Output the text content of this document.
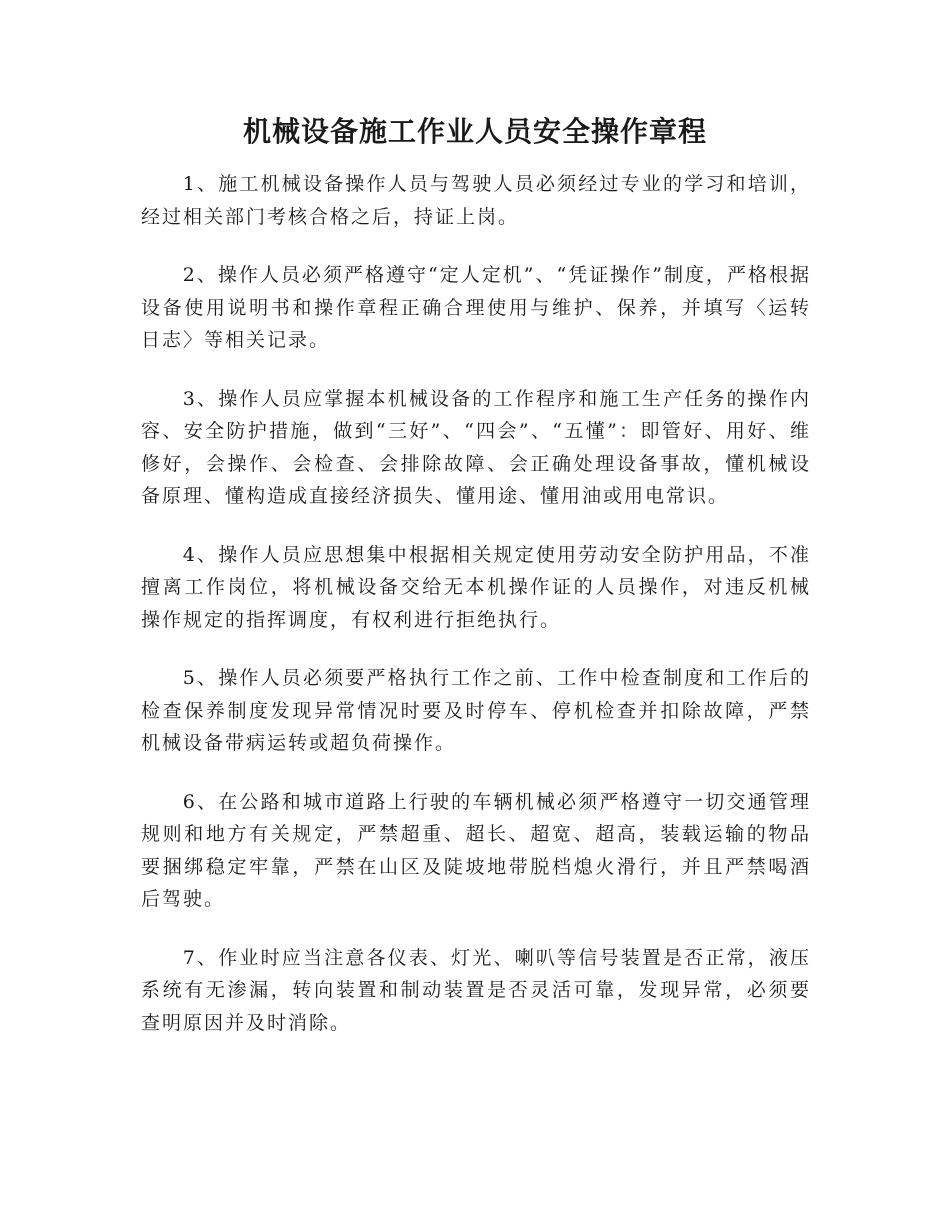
机械设备施工作业人员安全操作章程

1、施工机械设备操作人员与驾驶人员必须经过专业的学习和培训，经过相关部门考核合格之后，持证上岗。

2、操作人员必须严格遵守“定人定机”、“凭证操作”制度，严格根据设备使用说明书和操作章程正确合理使用与维护、保养，并填写〈运转日志〉等相关记录。

3、操作人员应掌握本机械设备的工作程序和施工生产任务的操作内容、安全防护措施，做到“三好”、“四会”、“五懂”：即管好、用好、维修好，会操作、会检查、会排除故障、会正确处理设备事故，懂机械设备原理、懂构造成直接经济损失、懂用途、懂用油或用电常识。

4、操作人员应思想集中根据相关规定使用劳动安全防护用品，不准擅离工作岗位，将机械设备交给无本机操作证的人员操作，对违反机械操作规定的指挥调度，有权利进行拒绝执行。

5、操作人员必须要严格执行工作之前、工作中检查制度和工作后的检查保养制度发现异常情况时要及时停车、停机检查并扣除故障，严禁机械设备带病运转或超负荷操作。

6、在公路和城市道路上行驶的车辆机械必须严格遵守一切交通管理规则和地方有关规定，严禁超重、超长、超宽、超高，装载运输的物品要捆绑稳定牢靠，严禁在山区及陡坡地带脱档熄火滑行，并且严禁喝酒后驾驶。

7、作业时应当注意各仪表、灯光、喇叭等信号装置是否正常，液压系统有无渗漏，转向装置和制动装置是否灵活可靠，发现异常，必须要查明原因并及时消除。
